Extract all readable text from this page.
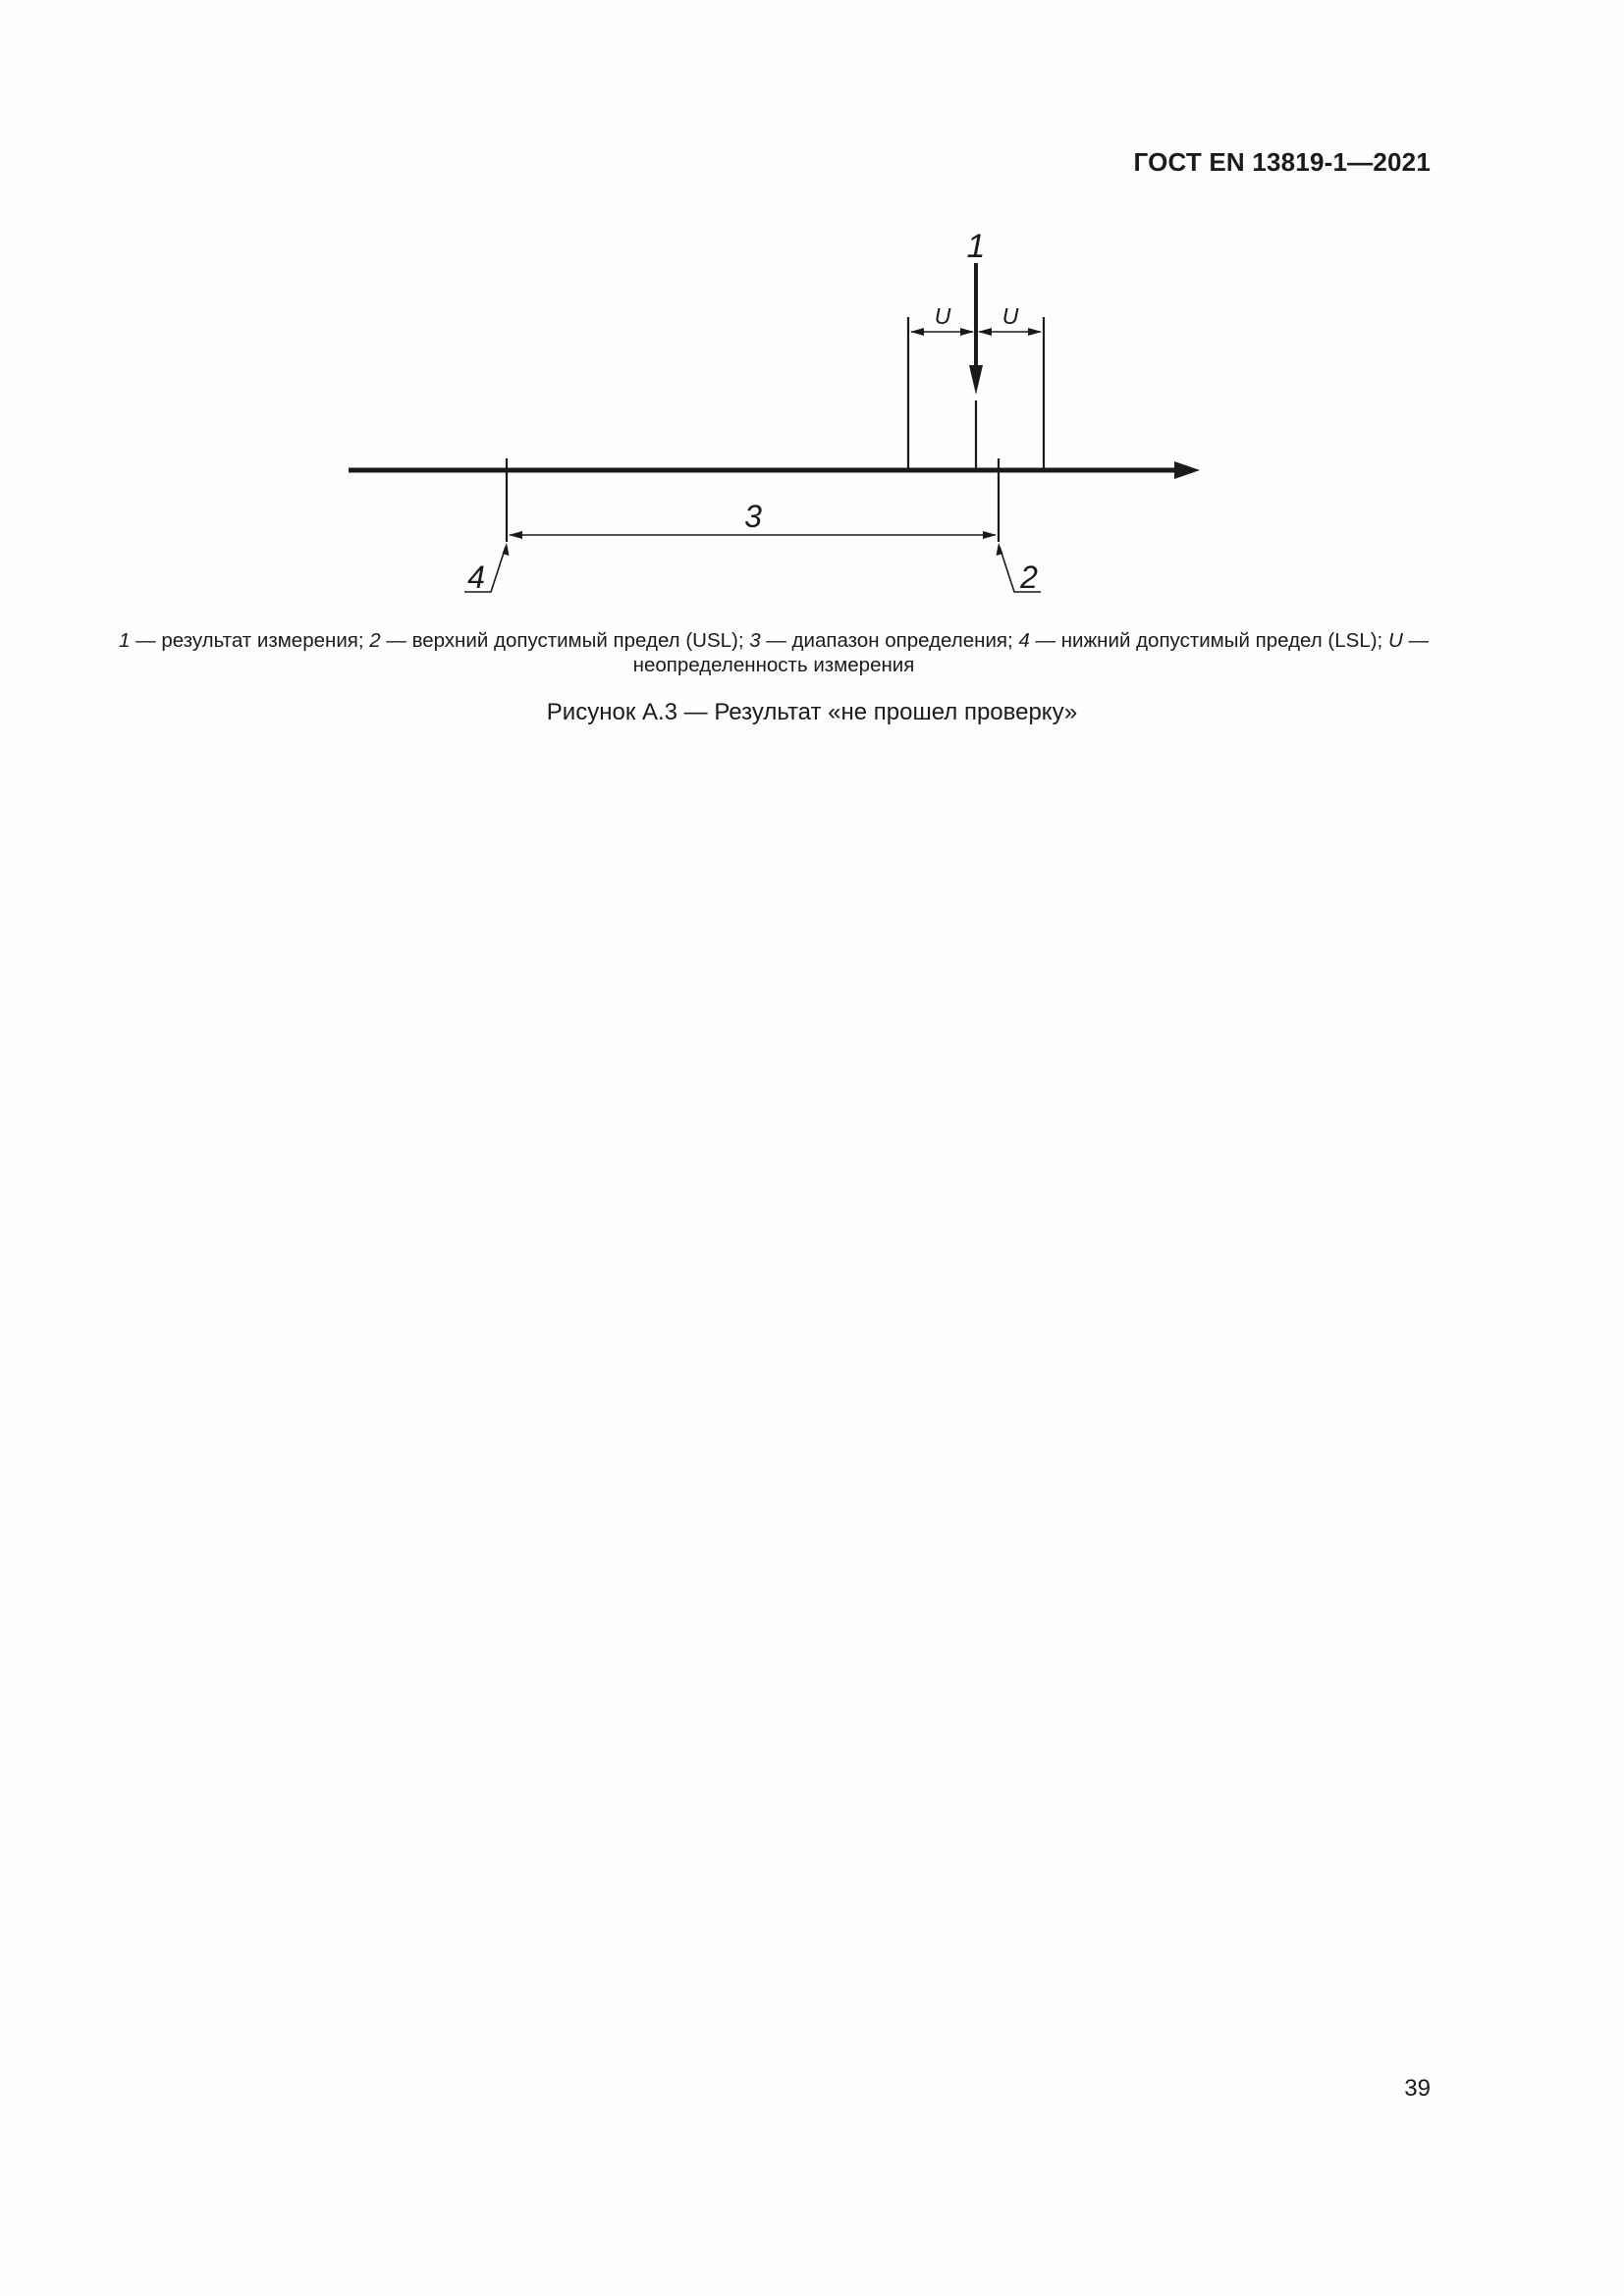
ГОСТ EN 13819-1—2021
1
U U
3
4	2
1 — результат измерения; 2 — верхний допустимый предел (USL); 3 — диапазон определения; 4 — нижний допустимый предел (LSL); U — неопределенность измерения
Рисунок А.3 — Результат «не прошел проверку»
39
